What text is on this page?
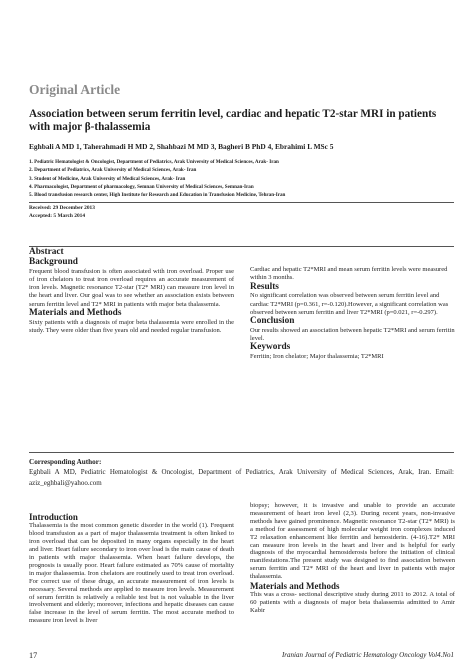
Original Article
Association between serum ferritin level, cardiac and hepatic T2-star MRI in patients with major β-thalassemia
Eghbali A MD 1, Taherahmadi H MD 2, Shahbazi M MD 3, Bagheri B PhD 4, Ebrahimi L MSc 5
1. Pediatric Hematologist & Oncologist, Department of Pediatrics, Arak University of Medical Sciences, Arak- Iran
2. Department of Pediatrics, Arak University of Medical Sciences, Arak- Iran
3. Student of Medicine, Arak University of Medical Sciences, Arak- Iran
4. Pharmacologist, Department of pharmacology, Semnan University of Medical Sciences, Semnan-Iran
5. Blood transfusion research center, High Institute for Research and Education in Transfusion Medicine, Tehran-Iran
Received: 29 December 2013
Accepted: 5 March 2014
Abstract
Background

Frequent blood transfusion is often associated with iron overload. Proper use of iron chelators to treat iron overload requires an accurate measurement of iron levels. Magnetic resonance T2-star (T2* MRI) can measure iron level in the heart and liver. Our goal was to see whether an association exists between serum ferritin level and T2* MRI in patients with major beta thalassemia.

Materials and Methods

Sixty patients with a diagnosis of major beta thalassemia were enrolled in the study. They were older than five years old and needed regular transfusion.

Cardiac and hepatic T2*MRI and mean serum ferritin levels were measured within 3 months.

Results

No significant correlation was observed between serum ferritin level and cardiac T2*MRI (p=0.361, r=-0.120).However, a significant correlation was observed between serum ferritin and liver T2*MRI (p=0.021, r=-0.297).

Conclusion

Our results showed an association between hepatic T2*MRI and serum ferritin level.

Keywords

Ferritin; Iron chelator; Major thalassemia; T2*MRI

Corresponding Author:

Eghbali A MD, Pediatric Hematologist & Oncologist, Department of Pediatrics, Arak University of Medical Sciences, Arak, Iran. Email: aziz_eghbali@yahoo.com

Introduction

Thalassemia is the most common genetic disorder in the world (1). Frequent blood transfusion as a part of major thalassemia treatment is often linked to iron overload that can be deposited in many organs especially in the heart and liver. Heart failure secondary to iron over load is the main cause of death in patients with major thalassemia. When heart failure develops, the prognosis is usually poor. Heart failure estimated as 70% cause of mortality in major thalassemia. Iron chelators are routinely used to treat iron overload. For correct use of these drugs, an accurate measurement of iron levels is necessary. Several methods are applied to measure iron levels. Measurement of serum ferritin is relatively a reliable test but is not valuable in the liver involvement and elderly; moreover, infections and hepatic diseases can cause false increase in the level of serum ferritin. The most accurate method to measure iron level is liver

biopsy; however, it is invasive and unable to provide an accurate measurement of heart iron level (2,3). During recent years, non-invasive methods have gained prominence. Magnetic resonance T2-star (T2* MRI) is a method for assessment of high molecular weight iron complexes induced T2 relaxation enhancement like ferritin and hemosiderin. (4-16).T2* MRI can measure iron levels in the heart and liver and is helpful for early diagnosis of the myocardial hemosiderosis before the initiation of clinical manifestations.The present study was designed to find association between serum ferritin and T2* MRI of the heart and liver in patients with major thalassemia.

Materials and Methods

This was a cross- sectional descriptive study during 2011 to 2012. A total of 60 patients with a diagnosis of major beta thalassemia admitted to Amir Kabir

17	Iranian Journal of Pediatric Hematology Oncology Vol4.No1
